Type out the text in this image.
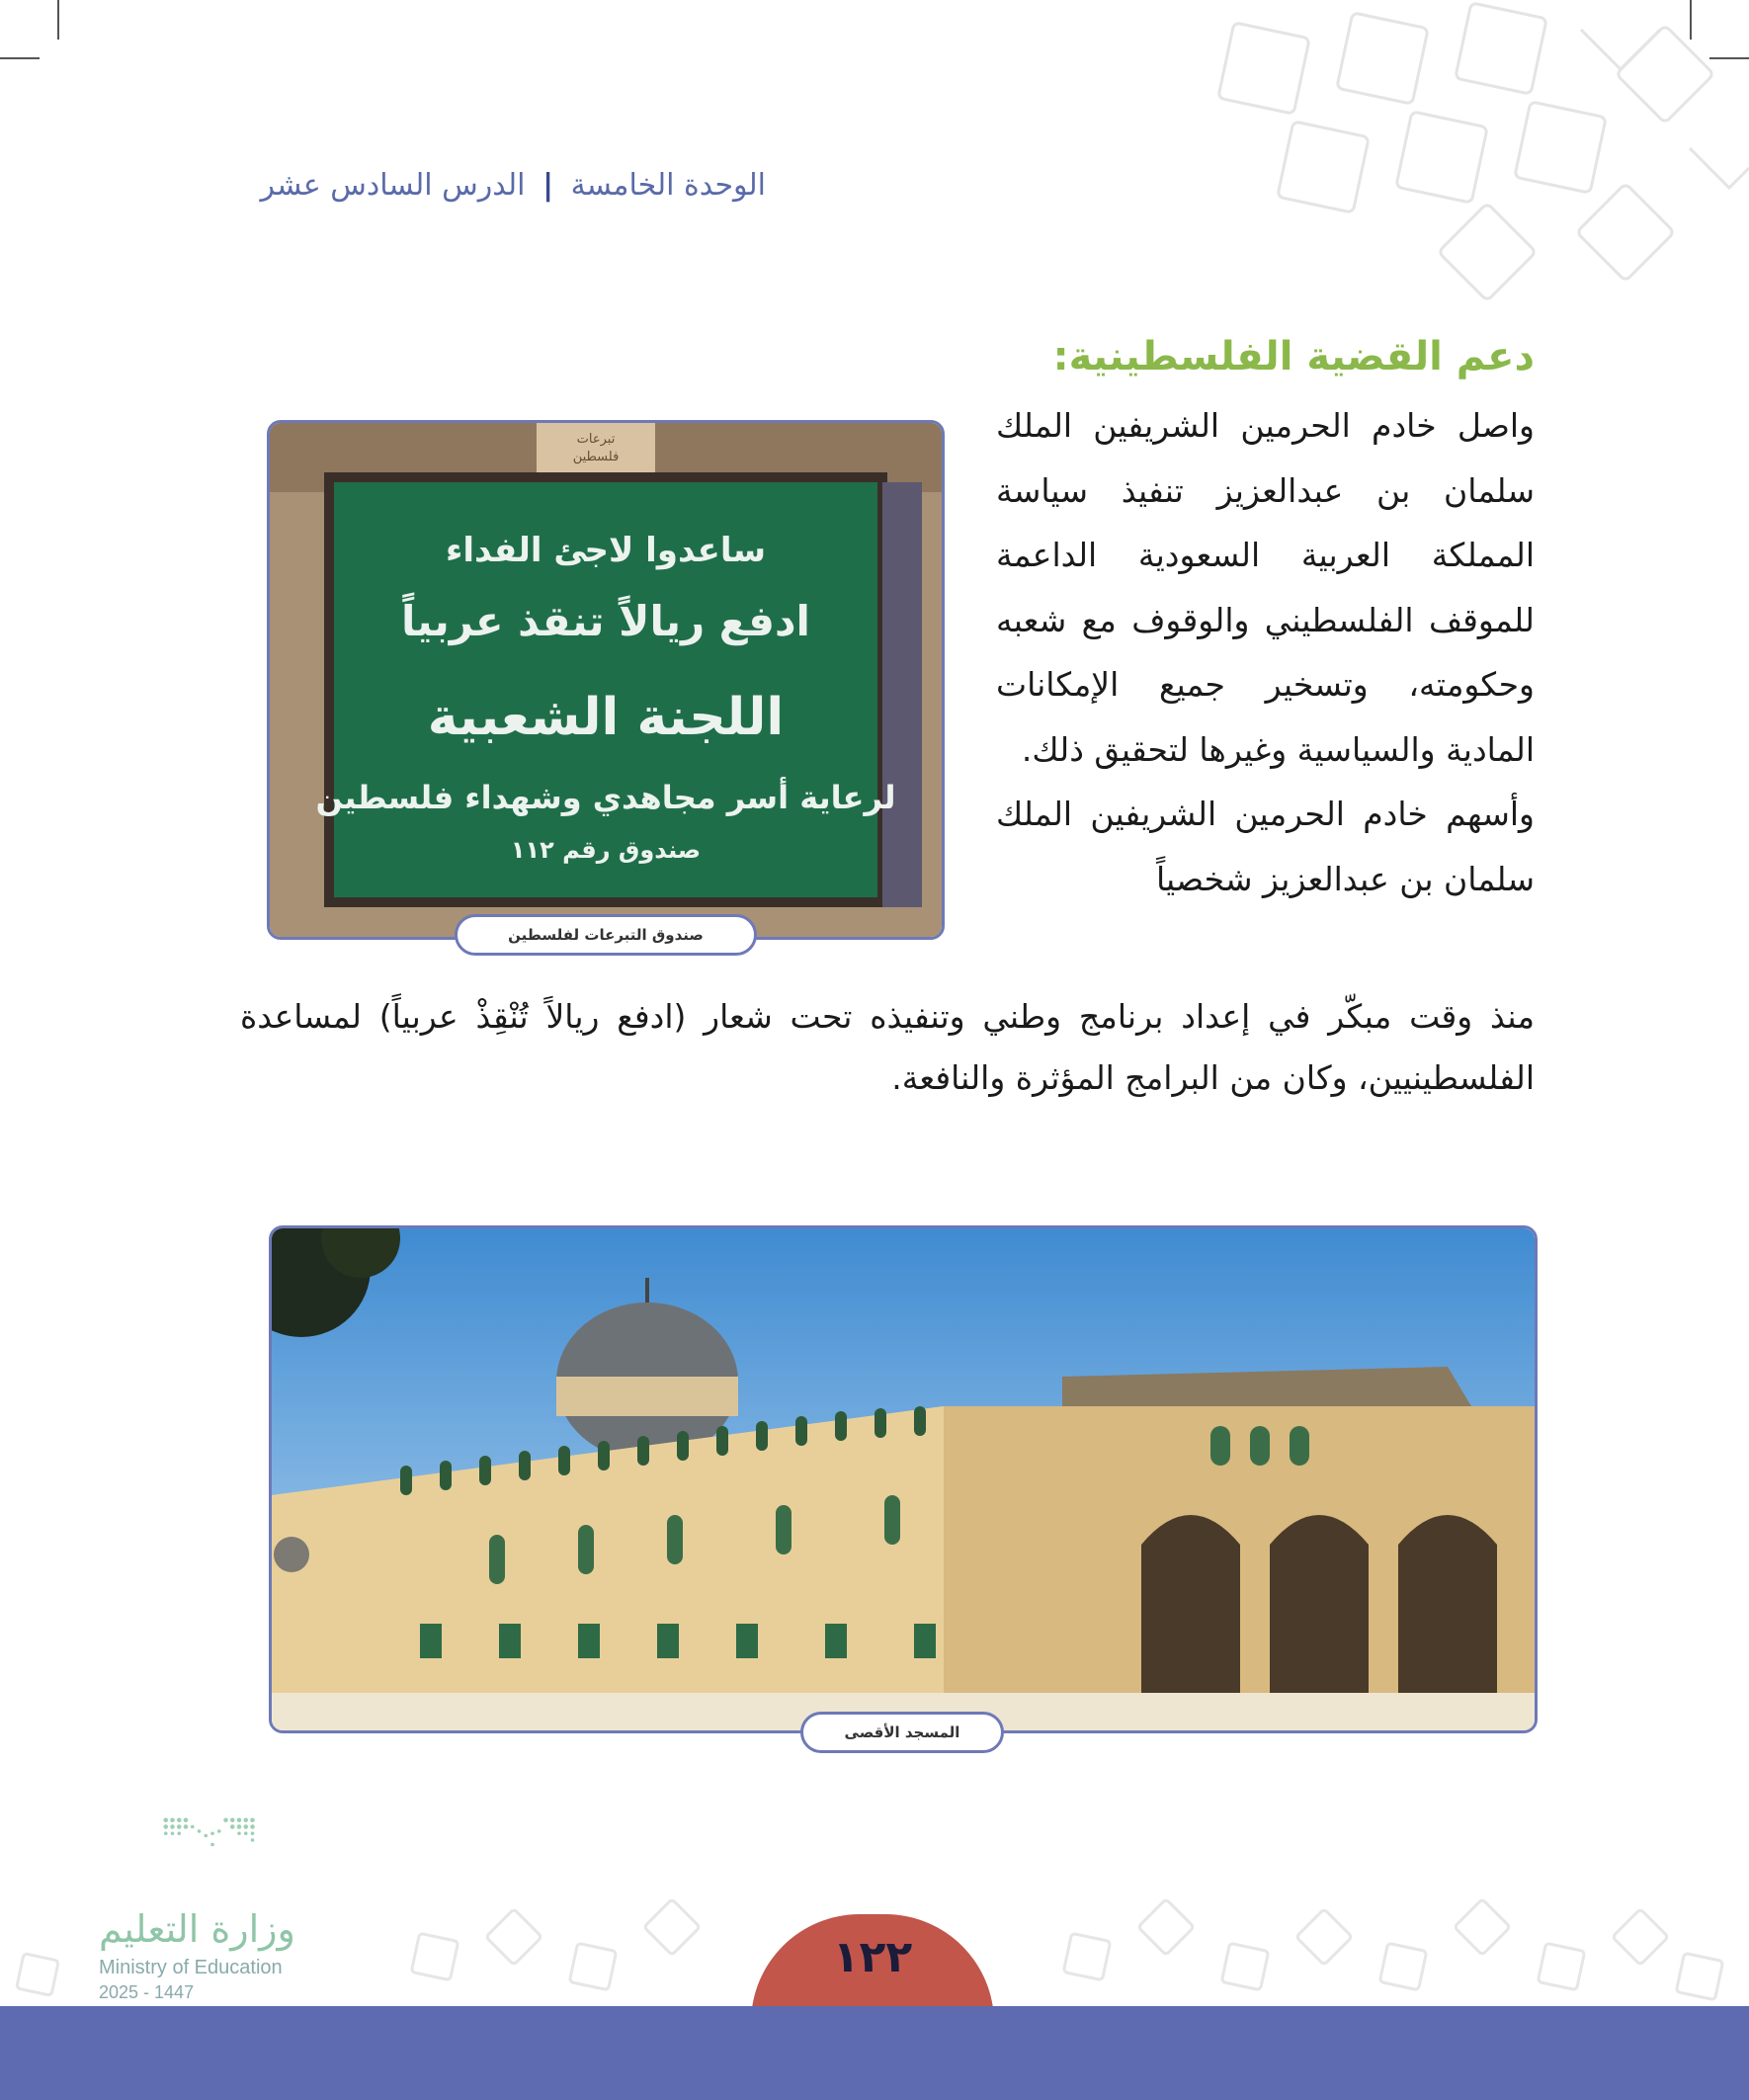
الوحدة الخامسة | الدرس السادس عشر
دعم القضية الفلسطينية:

واصل خادم الحرمين الشريفين الملك سلمان بن عبدالعزيز تنفيذ سياسة المملكة العربية السعودية الداعمة للموقف الفلسطيني والوقوف مع شعبه وحكومته، وتسخير جميع الإمكانات المادية والسياسية وغيرها لتحقيق ذلك.

وأسهم خادم الحرمين الشريفين الملك سلمان بن عبدالعزيز شخصياً

منذ وقت مبكّر في إعداد برنامج وطني وتنفيذه تحت شعار (ادفع ريالاً تُنْقِذْ عربياً) لمساعدة الفلسطينيين، وكان من البرامج المؤثرة والنافعة.

تبرعات
فلسطين
ساعدوا لاجئ الفداء
ادفع ريالاً تنقذ عربياً
اللجنة الشعبية
لرعاية أسر مجاهدي وشهداء فلسطين
صندوق رقم ١١٢
صندوق التبرعات لفلسطين
المسجد الأقصى
وزارة التعليم
Ministry of Education
2025 - 1447
١٢٢
